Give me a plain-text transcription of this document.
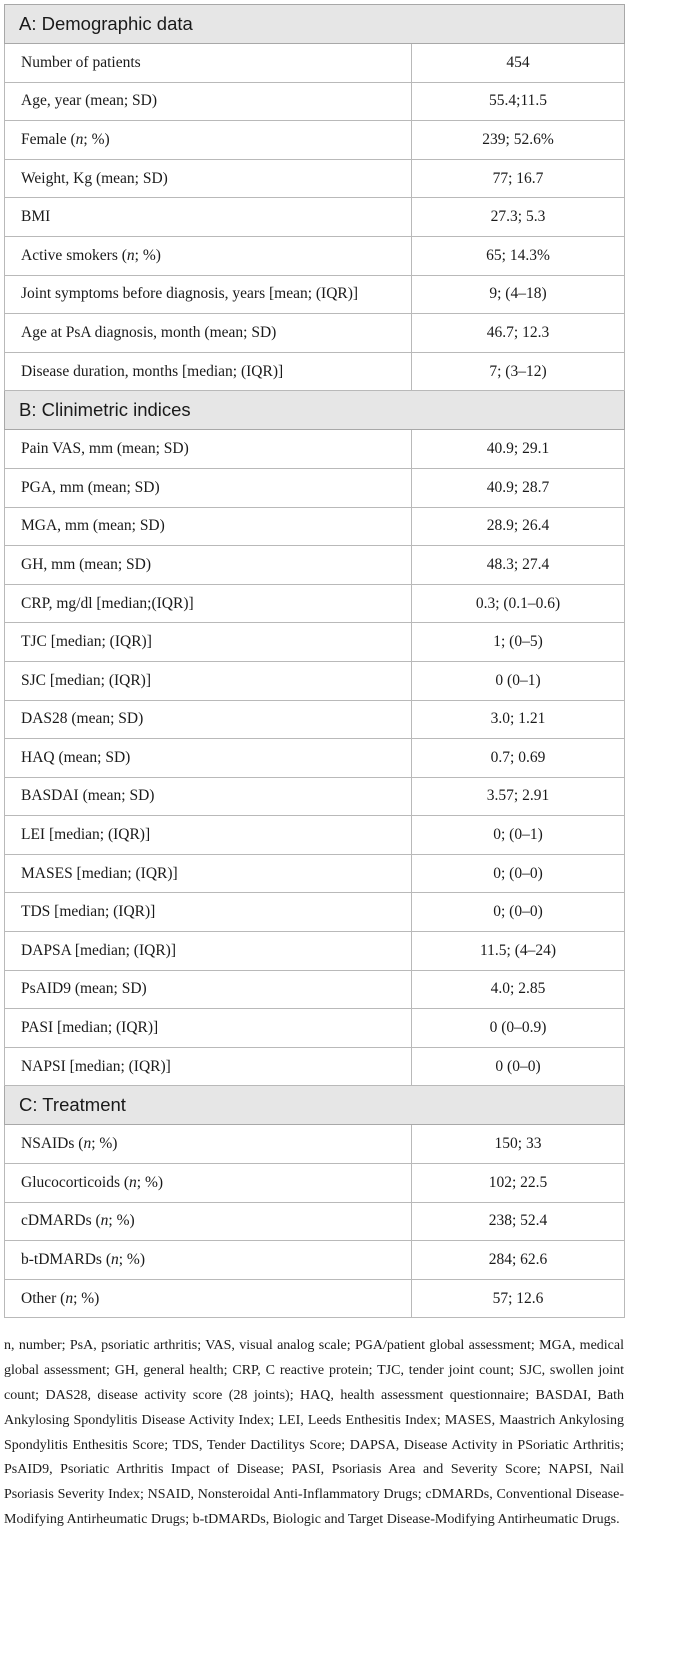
A: Demographic data	
Number of patients	454
Age, year (mean; SD)	55.4;11.5
Female (n; %)	239; 52.6%
Weight, Kg (mean; SD)	77; 16.7
BMI	27.3; 5.3
Active smokers (n; %)	65; 14.3%
Joint symptoms before diagnosis, years [mean; (IQR)]	9; (4–18)
Age at PsA diagnosis, month (mean; SD)	46.7; 12.3
Disease duration, months [median; (IQR)]	7; (3–12)
B: Clinimetric indices	
Pain VAS, mm (mean; SD)	40.9; 29.1
PGA, mm (mean; SD)	40.9; 28.7
MGA, mm (mean; SD)	28.9; 26.4
GH, mm (mean; SD)	48.3; 27.4
CRP, mg/dl [median;(IQR)]	0.3; (0.1–0.6)
TJC [median; (IQR)]	1; (0–5)
SJC [median; (IQR)]	0 (0–1)
DAS28 (mean; SD)	3.0; 1.21
HAQ (mean; SD)	0.7; 0.69
BASDAI (mean; SD)	3.57; 2.91
LEI [median; (IQR)]	0; (0–1)
MASES [median; (IQR)]	0; (0–0)
TDS [median; (IQR)]	0; (0–0)
DAPSA [median; (IQR)]	11.5; (4–24)
PsAID9 (mean; SD)	4.0; 2.85
PASI [median; (IQR)]	0 (0–0.9)
NAPSI [median; (IQR)]	0 (0–0)
C: Treatment	
NSAIDs (n; %)	150; 33
Glucocorticoids (n; %)	102; 22.5
cDMARDs (n; %)	238; 52.4
b-tDMARDs (n; %)	284; 62.6
Other (n; %)	57; 12.6
n, number; PsA, psoriatic arthritis; VAS, visual analog scale; PGA/patient global assessment; MGA, medical global assessment; GH, general health; CRP, C reactive protein; TJC, tender joint count; SJC, swollen joint count; DAS28, disease activity score (28 joints); HAQ, health assessment questionnaire; BASDAI, Bath Ankylosing Spondylitis Disease Activity Index; LEI, Leeds Enthesitis Index; MASES, Maastrich Ankylosing Spondylitis Enthesitis Score; TDS, Tender Dactilitys Score; DAPSA, Disease Activity in PSoriatic Arthritis; PsAID9, Psoriatic Arthritis Impact of Disease; PASI, Psoriasis Area and Severity Score; NAPSI, Nail Psoriasis Severity Index; NSAID, Nonsteroidal Anti-Inflammatory Drugs; cDMARDs, Conventional Disease-Modifying Antirheumatic Drugs; b-tDMARDs, Biologic and Target Disease-Modifying Antirheumatic Drugs.
